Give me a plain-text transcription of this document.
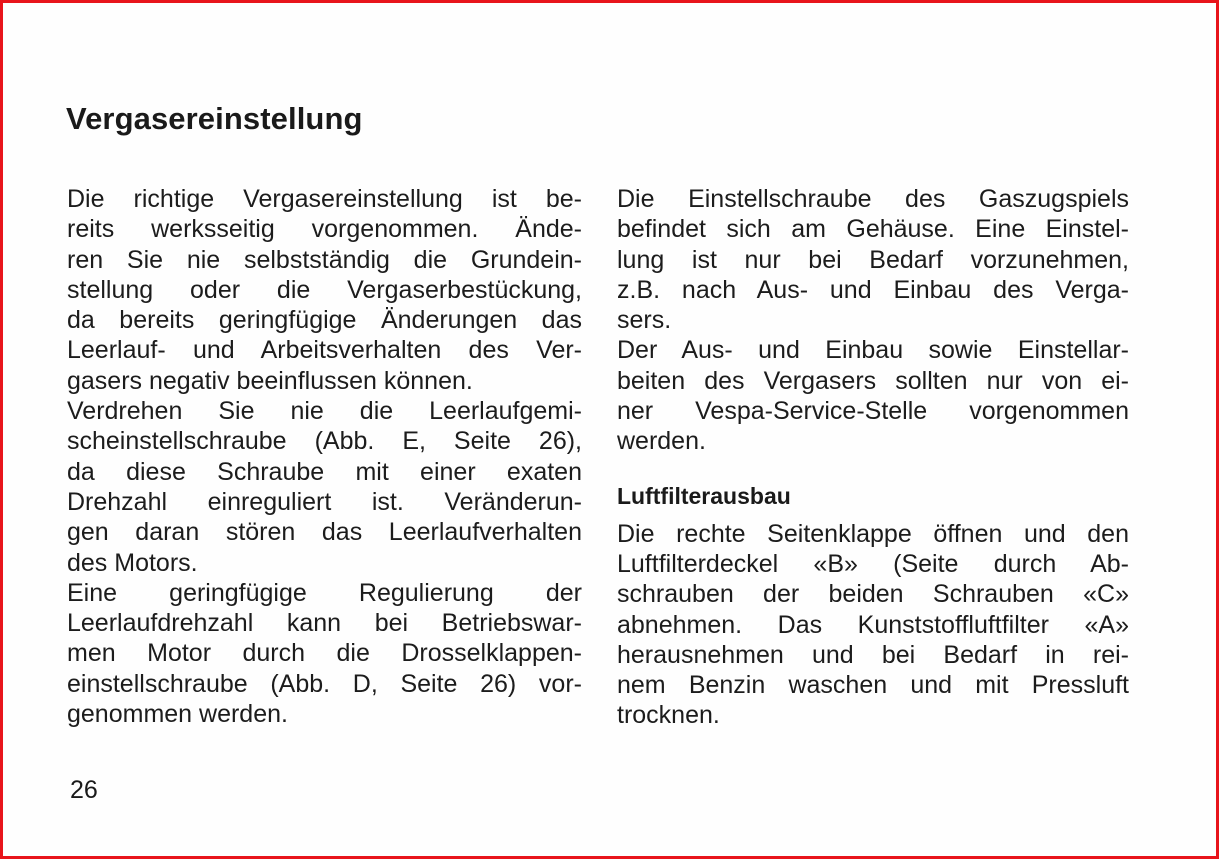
Vergasereinstellung
Die richtige Vergasereinstellung ist be-
reits werksseitig vorgenommen. Ände-
ren Sie nie selbstständig die Grundein-
stellung oder die Vergaserbestückung,
da bereits geringfügige Änderungen das
Leerlauf- und Arbeitsverhalten des Ver-
gasers negativ beeinflussen können.
Verdrehen Sie nie die Leerlaufgemi-
scheinstellschraube (Abb. E, Seite 26),
da diese Schraube mit einer exaten
Drehzahl einreguliert ist. Veränderun-
gen daran stören das Leerlaufverhalten
des Motors.
Eine geringfügige Regulierung der
Leerlaufdrehzahl kann bei Betriebswar-
men Motor durch die Drosselklappen-
einstellschraube (Abb. D, Seite 26) vor-
genommen werden.
Die Einstellschraube des Gaszugspiels
befindet sich am Gehäuse. Eine Einstel-
lung ist nur bei Bedarf vorzunehmen,
z.B. nach Aus- und Einbau des Verga-
sers.
Der Aus- und Einbau sowie Einstellar-
beiten des Vergasers sollten nur von ei-
ner Vespa-Service-Stelle vorgenommen
werden.
Luftfilterausbau
Die rechte Seitenklappe öffnen und den
Luftfilterdeckel «B» (Seite durch Ab-
schrauben der beiden Schrauben «C»
abnehmen. Das Kunststoffluftfilter «A»
herausnehmen und bei Bedarf in rei-
nem Benzin waschen und mit Pressluft
trocknen.
26
